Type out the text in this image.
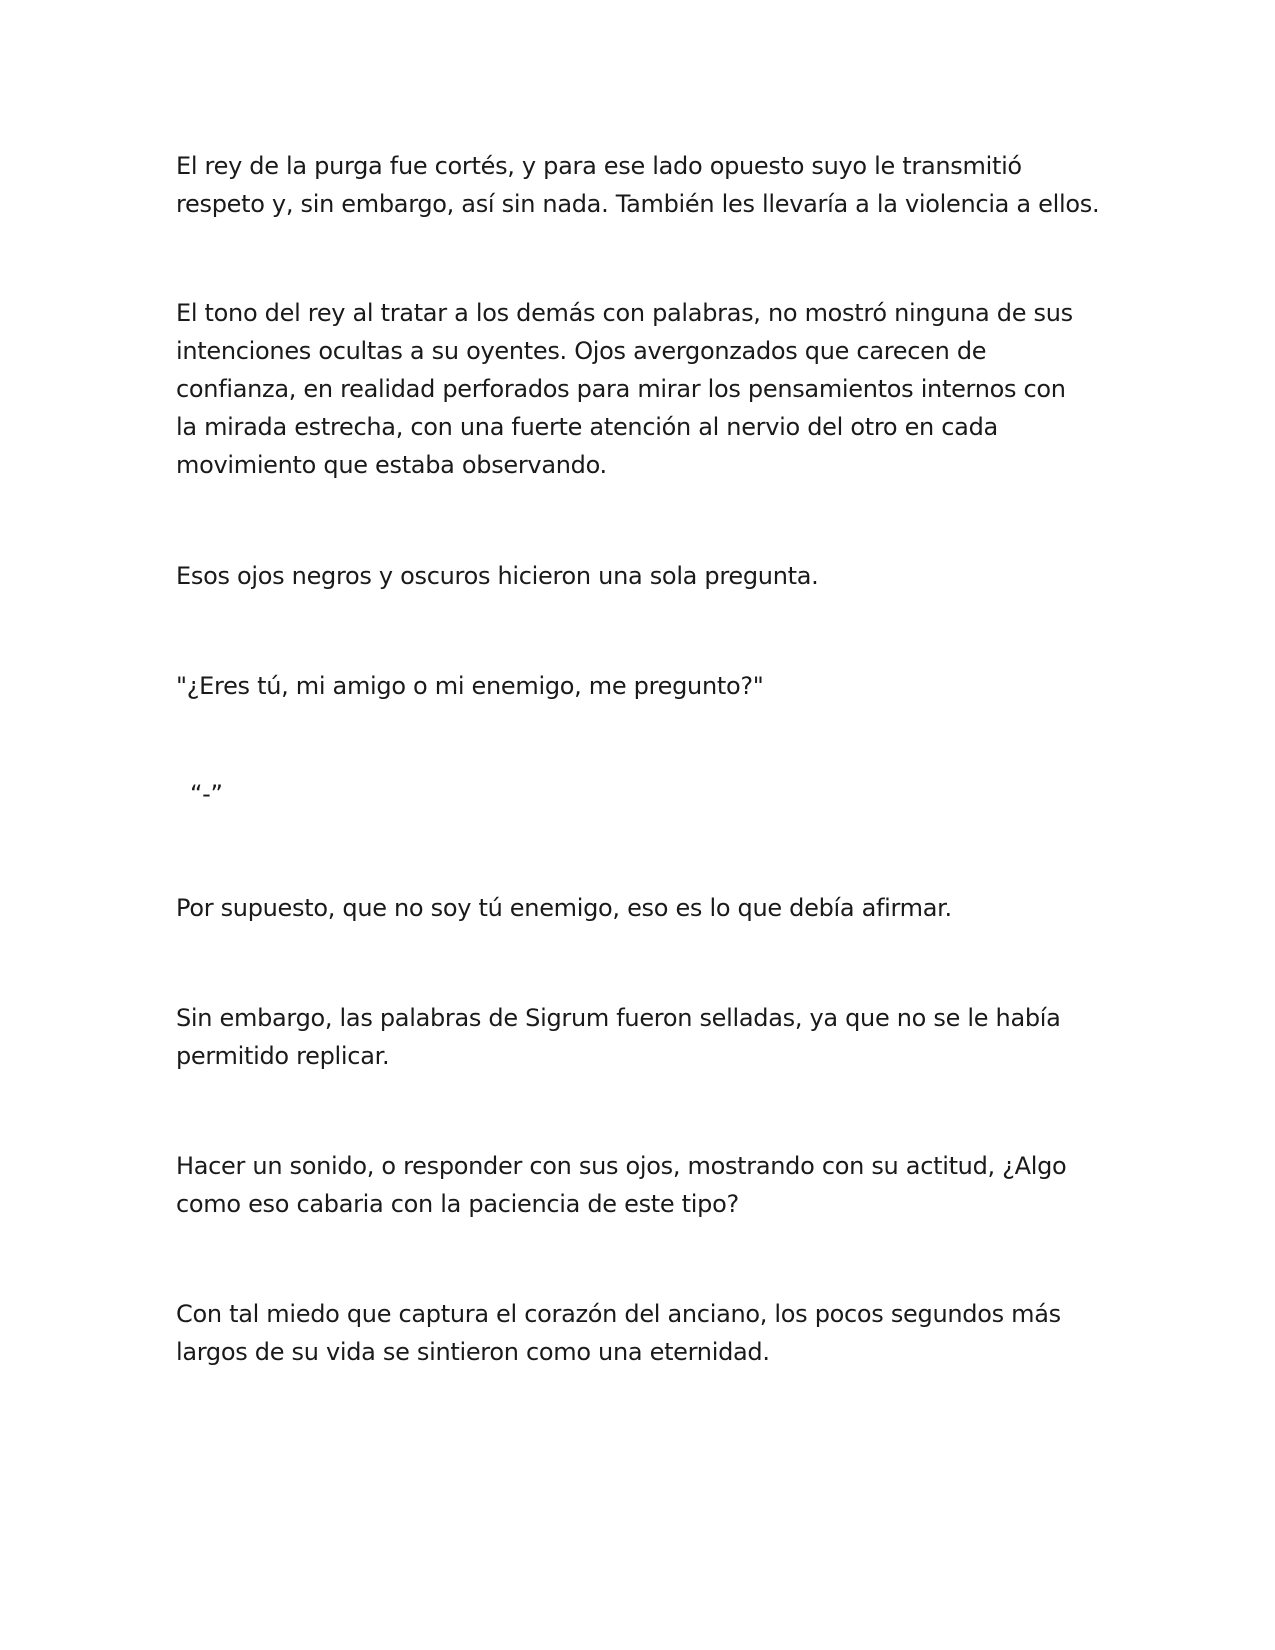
El rey de la purga fue cortés, y para ese lado opuesto suyo le transmitió
respeto y, sin embargo, así sin nada. También les llevaría a la violencia a ellos.

El tono del rey al tratar a los demás con palabras, no mostró ninguna de sus
intenciones ocultas a su oyentes. Ojos avergonzados que carecen de
confianza, en realidad perforados para mirar los pensamientos internos con
la mirada estrecha, con una fuerte atención al nervio del otro en cada
movimiento que estaba observando.

Esos ojos negros y oscuros hicieron una sola pregunta.

"¿Eres tú, mi amigo o mi enemigo, me pregunto?"

“-”

Por supuesto, que no soy tú enemigo, eso es lo que debía afirmar.

Sin embargo, las palabras de Sigrum fueron selladas, ya que no se le había
permitido replicar.

Hacer un sonido, o responder con sus ojos, mostrando con su actitud, ¿Algo
como eso cabaria con la paciencia de este tipo?

Con tal miedo que captura el corazón del anciano, los pocos segundos más
largos de su vida se sintieron como una eternidad.
